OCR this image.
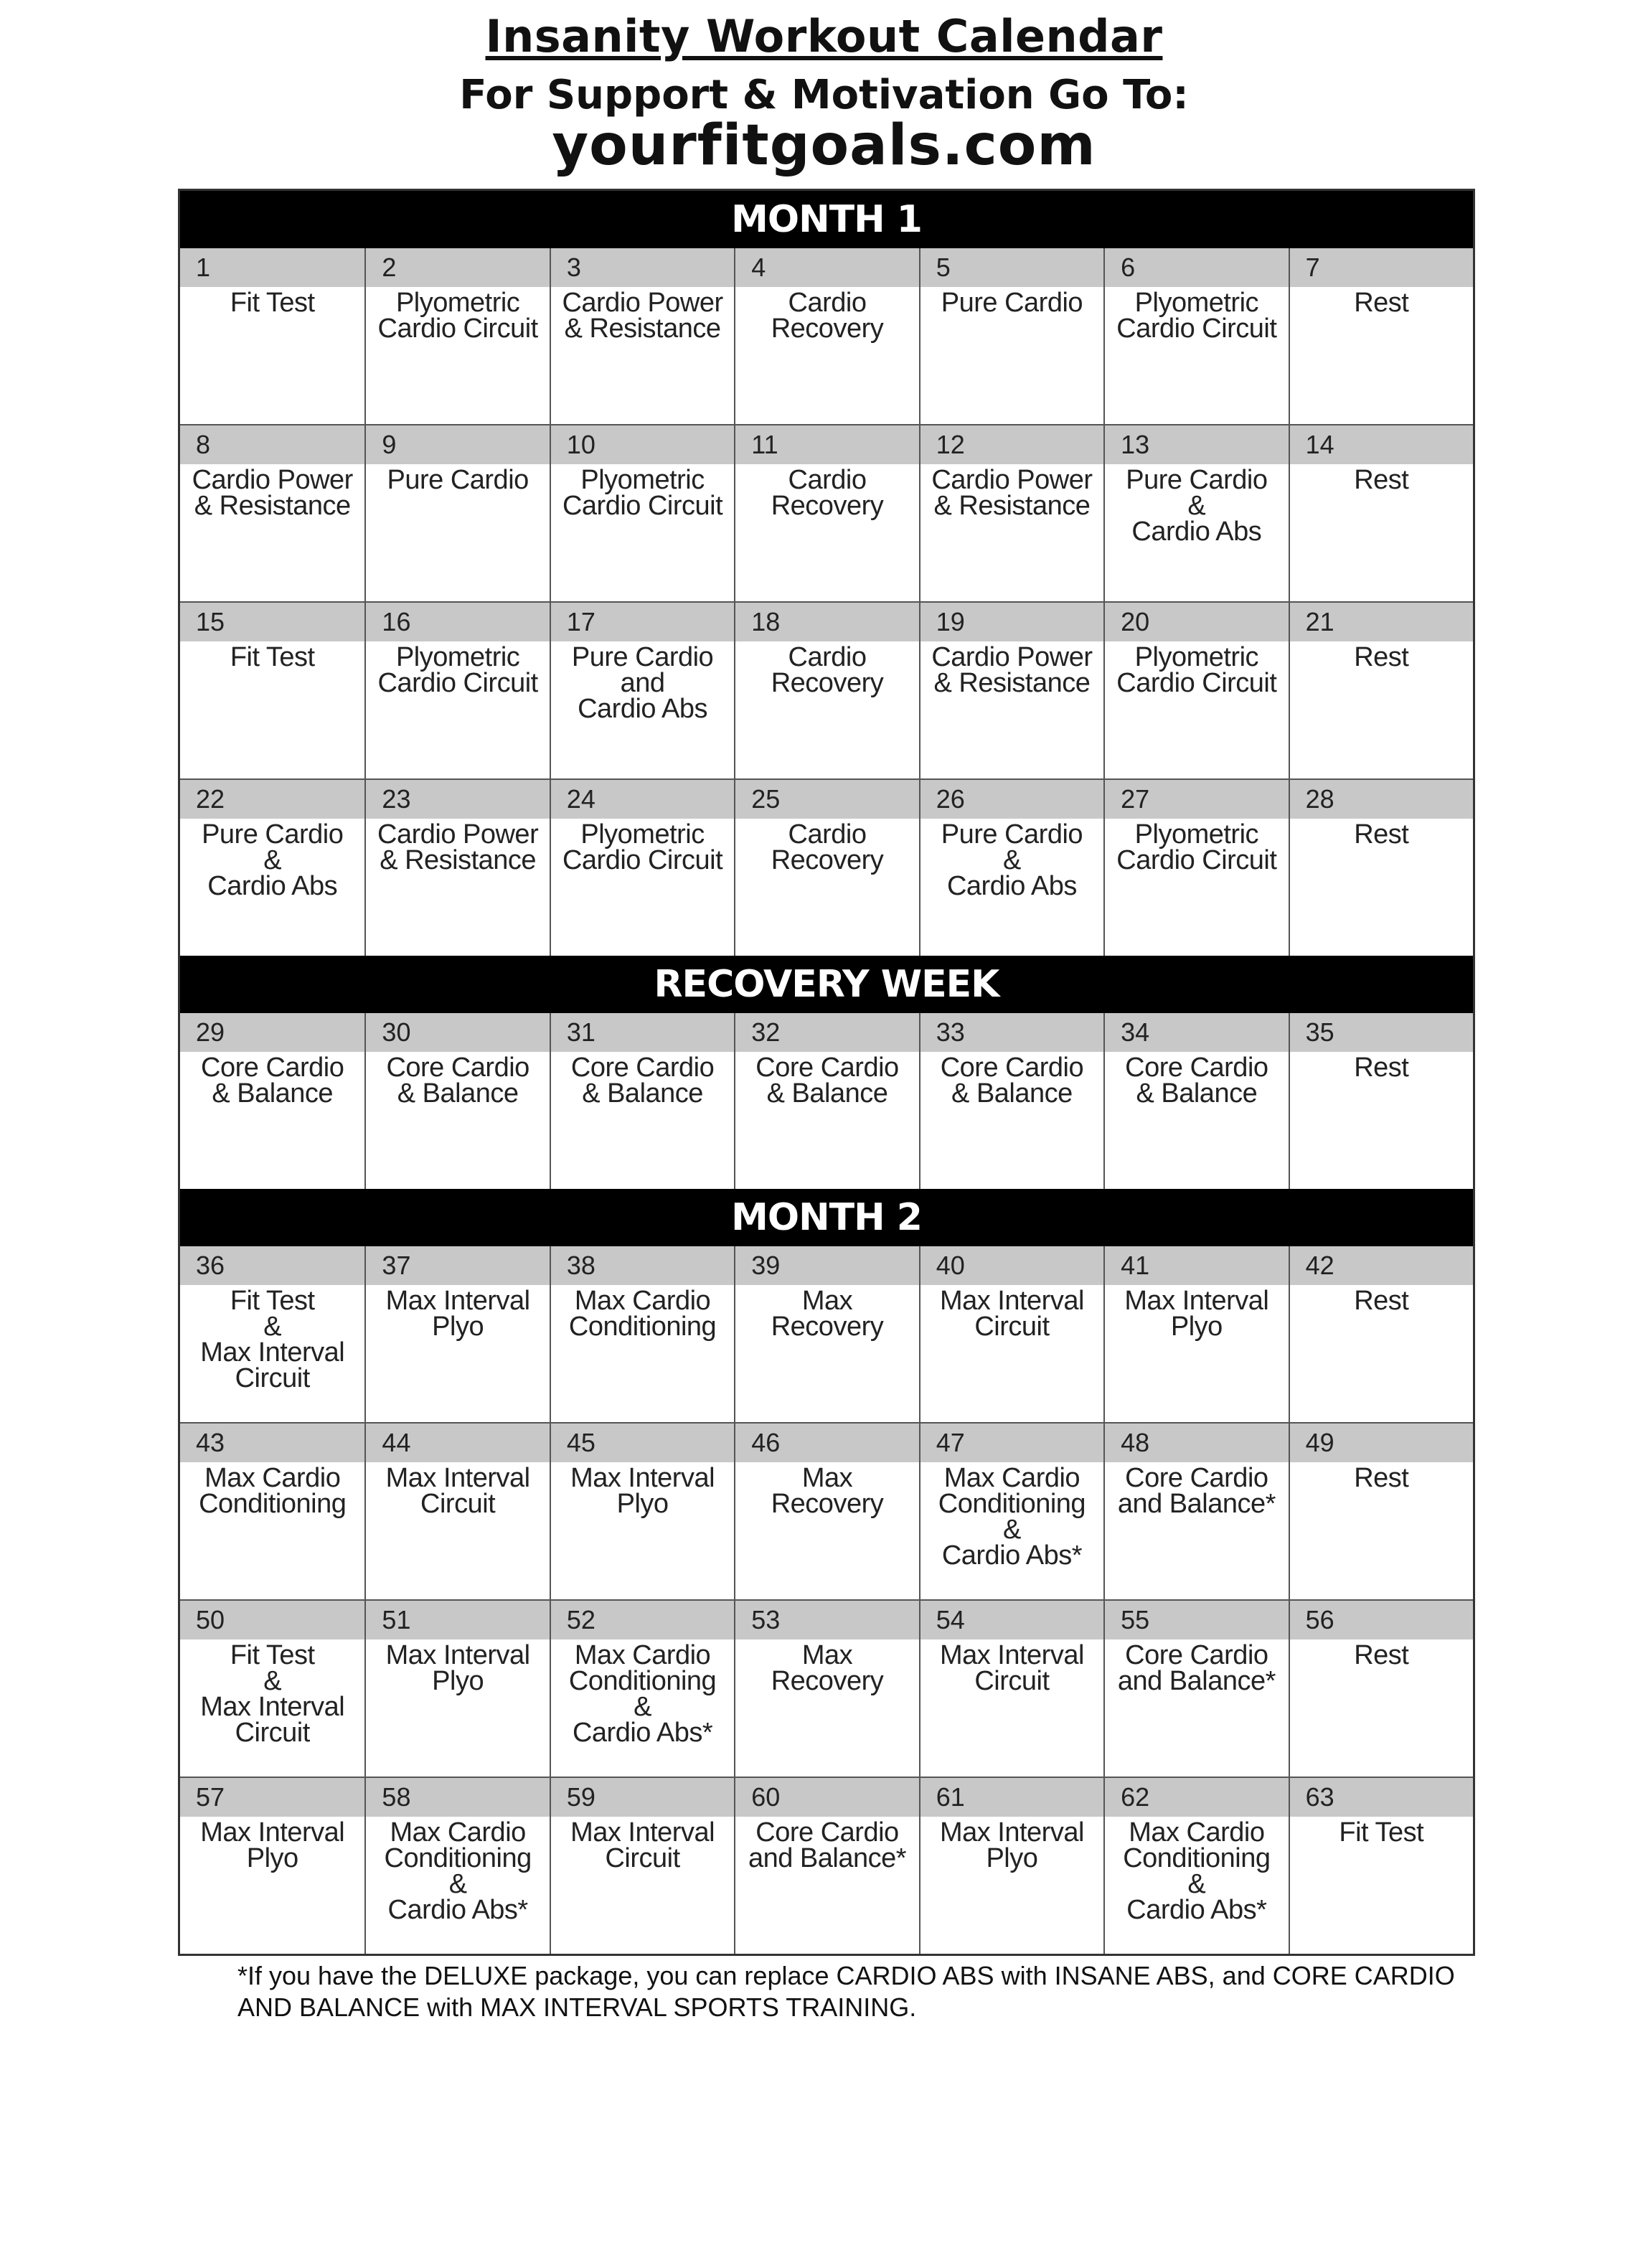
Insanity Workout Calendar
For Support & Motivation Go To:
yourfitgoals.com
MONTH 1
1
Fit Test
2
Plyometric
Cardio Circuit
3
Cardio Power
& Resistance
4
Cardio
Recovery
5
Pure Cardio
6
Plyometric
Cardio Circuit
7
Rest
8
Cardio Power
& Resistance
9
Pure Cardio
10
Plyometric
Cardio Circuit
11
Cardio
Recovery
12
Cardio Power
& Resistance
13
Pure Cardio
&
Cardio Abs
14
Rest
15
Fit Test
16
Plyometric
Cardio Circuit
17
Pure Cardio
and
Cardio Abs
18
Cardio
Recovery
19
Cardio Power
& Resistance
20
Plyometric
Cardio Circuit
21
Rest
22
Pure Cardio
&
Cardio Abs
23
Cardio Power
& Resistance
24
Plyometric
Cardio Circuit
25
Cardio
Recovery
26
Pure Cardio
&
Cardio Abs
27
Plyometric
Cardio Circuit
28
Rest
RECOVERY WEEK
29
Core Cardio
& Balance
30
Core Cardio
& Balance
31
Core Cardio
& Balance
32
Core Cardio
& Balance
33
Core Cardio
& Balance
34
Core Cardio
& Balance
35
Rest
MONTH 2
36
Fit Test
&
Max Interval
Circuit
37
Max Interval
Plyo
38
Max Cardio
Conditioning
39
Max
Recovery
40
Max Interval
Circuit
41
Max Interval
Plyo
42
Rest
43
Max Cardio
Conditioning
44
Max Interval
Circuit
45
Max Interval
Plyo
46
Max
Recovery
47
Max Cardio
Conditioning
&
Cardio Abs*
48
Core Cardio
and Balance*
49
Rest
50
Fit Test
&
Max Interval
Circuit
51
Max Interval
Plyo
52
Max Cardio
Conditioning
&
Cardio Abs*
53
Max
Recovery
54
Max Interval
Circuit
55
Core Cardio
and Balance*
56
Rest
57
Max Interval
Plyo
58
Max Cardio
Conditioning
&
Cardio Abs*
59
Max Interval
Circuit
60
Core Cardio
and Balance*
61
Max Interval
Plyo
62
Max Cardio
Conditioning
&
Cardio Abs*
63
Fit Test
*If you have the DELUXE package, you can replace CARDIO ABS with INSANE ABS, and CORE CARDIO AND BALANCE with MAX INTERVAL SPORTS TRAINING.
